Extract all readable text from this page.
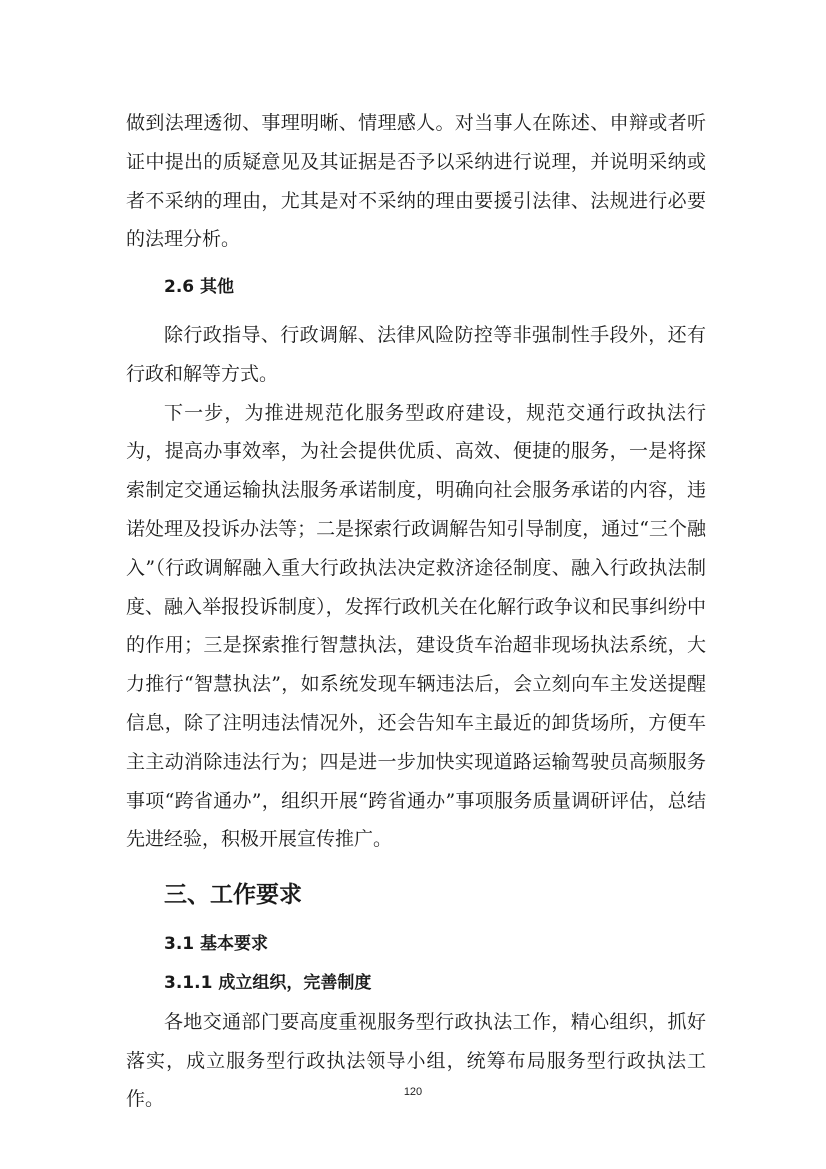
做到法理透彻、事理明晰、情理感人。对当事人在陈述、申辩或者听证中提出的质疑意见及其证据是否予以采纳进行说理，并说明采纳或者不采纳的理由，尤其是对不采纳的理由要援引法律、法规进行必要的法理分析。

2.6 其他

除行政指导、行政调解、法律风险防控等非强制性手段外，还有行政和解等方式。

下一步，为推进规范化服务型政府建设，规范交通行政执法行为，提高办事效率，为社会提供优质、高效、便捷的服务，一是将探索制定交通运输执法服务承诺制度，明确向社会服务承诺的内容，违诺处理及投诉办法等；二是探索行政调解告知引导制度，通过“三个融入”（行政调解融入重大行政执法决定救济途径制度、融入行政执法制度、融入举报投诉制度），发挥行政机关在化解行政争议和民事纠纷中的作用；三是探索推行智慧执法，建设货车治超非现场执法系统，大力推行“智慧执法”，如系统发现车辆违法后，会立刻向车主发送提醒信息，除了注明违法情况外，还会告知车主最近的卸货场所，方便车主主动消除违法行为；四是进一步加快实现道路运输驾驶员高频服务事项“跨省通办”，组织开展“跨省通办”事项服务质量调研评估，总结先进经验，积极开展宣传推广。

三、工作要求

3.1 基本要求

3.1.1 成立组织，完善制度

各地交通部门要高度重视服务型行政执法工作，精心组织，抓好落实，成立服务型行政执法领导小组，统筹布局服务型行政执法工作。	120
